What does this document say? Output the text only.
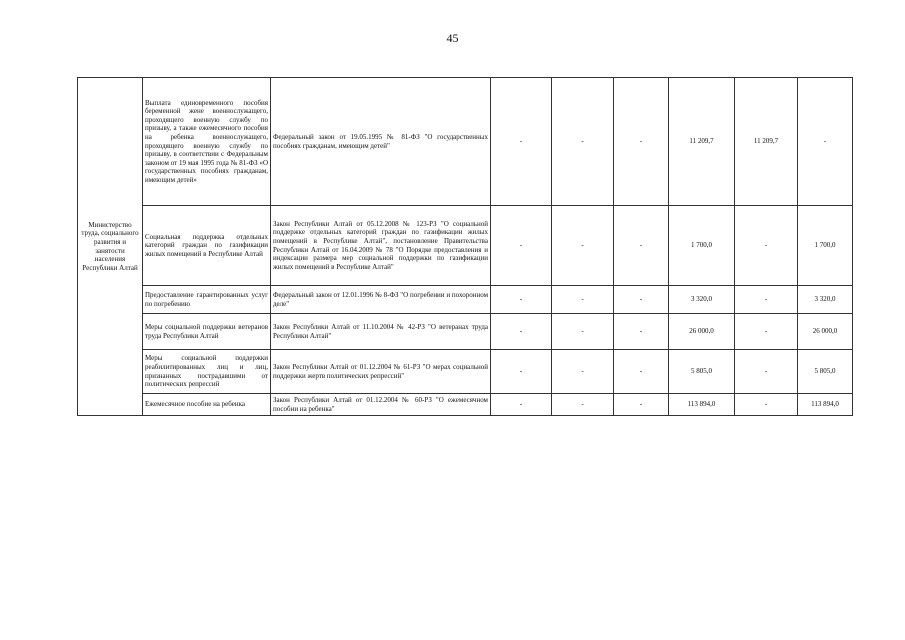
45
Министерство труда, социального развития и занятости населения Республики Алтай	Выплата единовременного пособия беременной жене военнослужащего, проходящего военную службу по призыву, а также ежемесячного пособия на ребенка военнослужащего, проходящего военную службу по призыву, в соответствии с Федеральным законом от 19 мая 1995 года № 81-ФЗ «О государственных пособиях гражданам, имеющим детей»	Федеральный закон от 19.05.1995 № 81-ФЗ "О государственных пособиях гражданам, имеющим детей"	-	-	-	11 209,7	11 209,7	-
	Социальная поддержка отдельных категорий граждан по газификации жилых помещений в Республике Алтай	Закон Республики Алтай от 05.12.2008 № 123-РЗ "О социальной поддержке отдельных категорий граждан по газификации жилых помещений в Республике Алтай", постановление Правительства Республики Алтай от 16.04.2009 № 78 "О Порядке предоставления и индексации размера мер социальной поддержки по газификации жилых помещений в Республике Алтай"	-	-	-	1 700,0	-	1 700,0
	Предоставление гарантированных услуг по погребению	Федеральный закон от 12.01.1996 № 8-ФЗ "О погребении и похоронном деле"	-	-	-	3 320,0	-	3 320,0
	Меры социальной поддержки ветеранов труда Республики Алтай	Закон Республики Алтай от 11.10.2004 № 42-РЗ "О ветеранах труда Республики Алтай"	-	-	-	26 000,0	-	26 000,0
	Меры социальной поддержки реабилитированных лиц и лиц, признанных пострадавшими от политических репрессий	Закон Республики Алтай от 01.12.2004 № 61-РЗ "О мерах социальной поддержки жертв политических репрессий"	-	-	-	5 805,0	-	5 805,0
	Ежемесячное пособие на ребенка	Закон Республики Алтай от 01.12.2004 № 60-РЗ "О ежемесячном пособии на ребенка"	-	-	-	113 894,0	-	113 894,0
